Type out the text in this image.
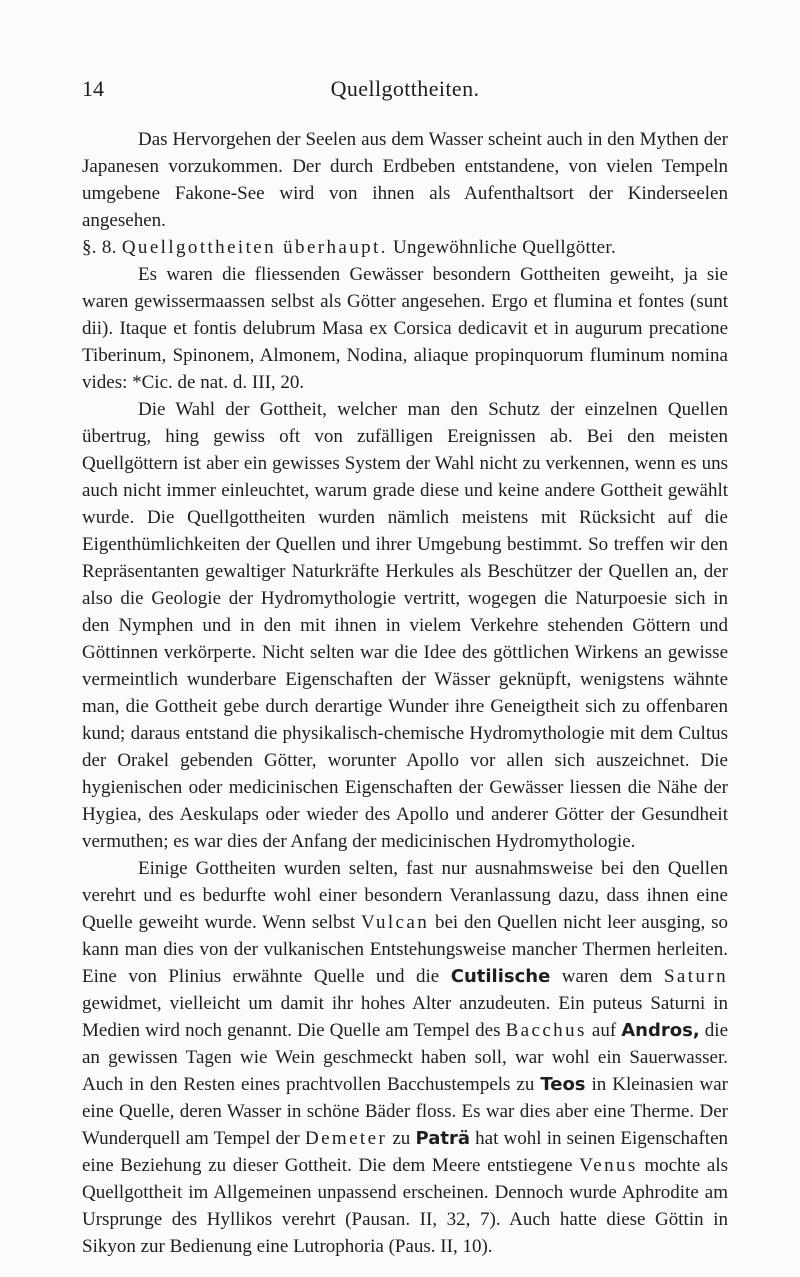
14	Quellgottheiten.

Das Hervorgehen der Seelen aus dem Wasser scheint auch in den Mythen der Japanesen vorzukommen. Der durch Erdbeben entstandene, von vielen Tempeln umgebene Fakone-See wird von ihnen als Aufenthaltsort der Kinderseelen angesehen.

§. 8. Quellgottheiten überhaupt. Ungewöhnliche Quellgötter.

Es waren die fliessenden Gewässer besondern Gottheiten geweiht, ja sie waren gewissermaassen selbst als Götter angesehen. Ergo et flumina et fontes (sunt dii). Itaque et fontis delubrum Masa ex Corsica dedicavit et in augurum precatione Tiberinum, Spinonem, Almonem, Nodina, aliaque propinquorum fluminum nomina vides: *Cic. de nat. d. III, 20.

Die Wahl der Gottheit, welcher man den Schutz der einzelnen Quellen übertrug, hing gewiss oft von zufälligen Ereignissen ab. Bei den meisten Quellgöttern ist aber ein gewisses System der Wahl nicht zu verkennen, wenn es uns auch nicht immer einleuchtet, warum grade diese und keine andere Gottheit gewählt wurde. Die Quellgottheiten wurden nämlich meistens mit Rücksicht auf die Eigenthümlichkeiten der Quellen und ihrer Umgebung bestimmt. So treffen wir den Repräsentanten gewaltiger Naturkräfte Herkules als Beschützer der Quellen an, der also die Geologie der Hydromythologie vertritt, wogegen die Naturpoesie sich in den Nymphen und in den mit ihnen in vielem Verkehre stehenden Göttern und Göttinnen verkörperte. Nicht selten war die Idee des göttlichen Wirkens an gewisse vermeintlich wunderbare Eigenschaften der Wässer geknüpft, wenigstens wähnte man, die Gottheit gebe durch derartige Wunder ihre Geneigtheit sich zu offenbaren kund; daraus entstand die physikalisch-chemische Hydromythologie mit dem Cultus der Orakel gebenden Götter, worunter Apollo vor allen sich auszeichnet. Die hygienischen oder medicinischen Eigenschaften der Gewässer liessen die Nähe der Hygiea, des Aeskulaps oder wieder des Apollo und anderer Götter der Gesundheit vermuthen; es war dies der Anfang der medicinischen Hydromythologie.

Einige Gottheiten wurden selten, fast nur ausnahmsweise bei den Quellen verehrt und es bedurfte wohl einer besondern Veranlassung dazu, dass ihnen eine Quelle geweiht wurde. Wenn selbst Vulcan bei den Quellen nicht leer ausging, so kann man dies von der vulkanischen Entstehungsweise mancher Thermen herleiten. Eine von Plinius erwähnte Quelle und die Cutilische waren dem Saturn gewidmet, vielleicht um damit ihr hohes Alter anzudeuten. Ein puteus Saturni in Medien wird noch genannt. Die Quelle am Tempel des Bacchus auf Andros, die an gewissen Tagen wie Wein geschmeckt haben soll, war wohl ein Sauerwasser. Auch in den Resten eines prachtvollen Bacchustempels zu Teos in Kleinasien war eine Quelle, deren Wasser in schöne Bäder floss. Es war dies aber eine Therme. Der Wunderquell am Tempel der Demeter zu Paträ hat wohl in seinen Eigenschaften eine Beziehung zu dieser Gottheit. Die dem Meere entstiegene Venus mochte als Quellgottheit im Allgemeinen unpassend erscheinen. Dennoch wurde Aphrodite am Ursprunge des Hyllikos verehrt (Pausan. II, 32, 7). Auch hatte diese Göttin in Sikyon zur Bedienung eine Lutrophoria (Paus. II, 10).
